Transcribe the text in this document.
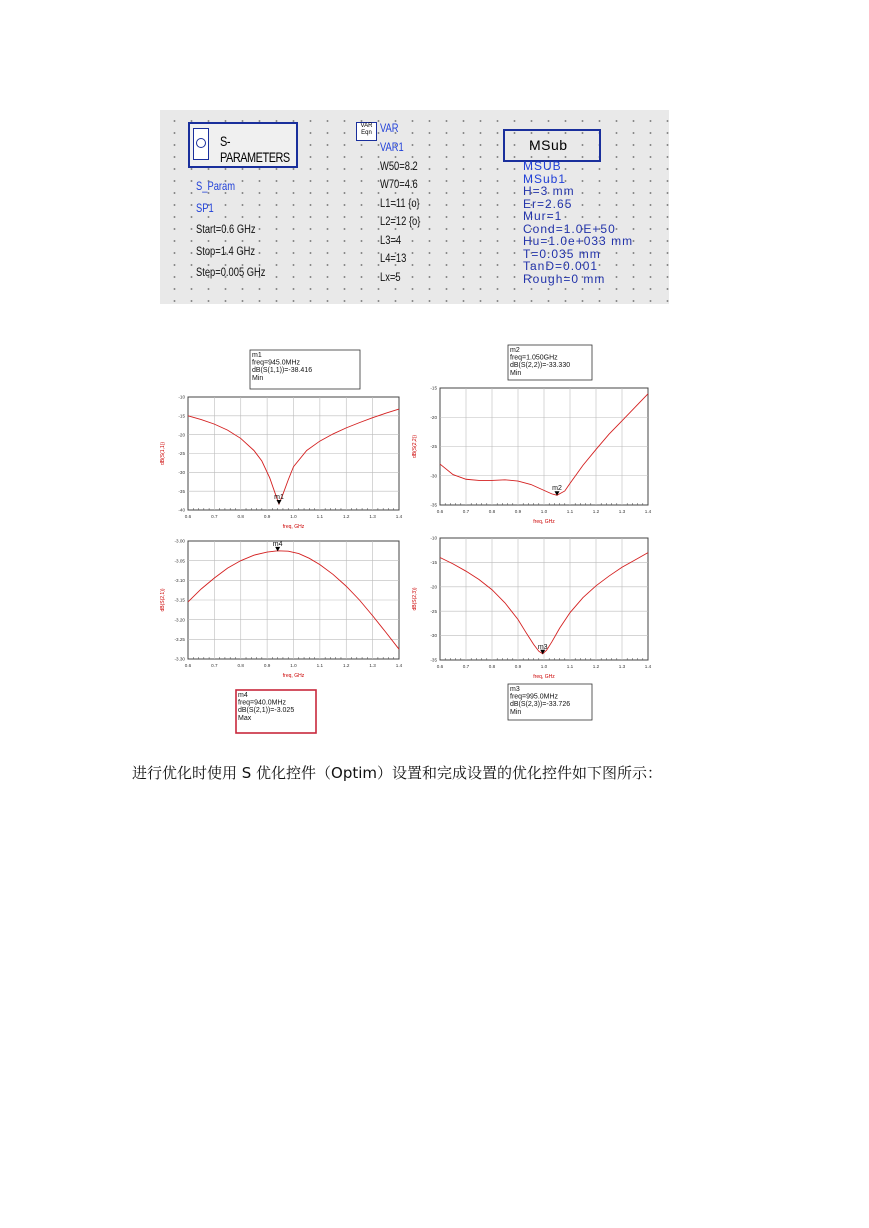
S-PARAMETERS
S_Param
SP1
Start=0.6 GHz
Stop=1.4 GHz
Step=0.005 GHz
VAR Eqn VAR
VAR1
W50=8.2
W70=4.6
L1=11 {o}
L2=12 {o}
L3=4
L4=13
Lx=5
MSub
MSUB
MSub1
H=3 mm
Er=2.65
Mur=1
Cond=1.0E+50
Hu=1.0e+033 mm
T=0.035 mm
TanD=0.001
Rough=0 mm
0.6	0.7	0.8	0.9	1.0	1.1	1.2	1.3	1.4
-10
-15
-20
-25
-30
-35
-40
freq, GHz
dB(S(1,1))
m1
m1
freq=945.0MHz
dB(S(1,1))=-38.416
Min
0.6	0.7	0.8	0.9	1.0	1.1	1.2	1.3	1.4
-15
-20
-25
-30
-35
freq, GHz
dB(S(2,2))
m2
m2
freq=1.050GHz
dB(S(2,2))=-33.330
Min
0.6	0.7	0.8	0.9	1.0	1.1	1.2	1.3	1.4
-3.00
-3.05
-3.10
-3.15
-3.20
-3.25
-3.30
freq, GHz
dB(S(2,1))
m4
m4
freq=940.0MHz
dB(S(2,1))=-3.025
Max
0.6	0.7	0.8	0.9	1.0	1.1	1.2	1.3	1.4
-10
-15
-20
-25
-30
-35
freq, GHz
dB(S(2,3))
m3
m3
freq=995.0MHz
dB(S(2,3))=-33.726
Min
进行优化时使用 S 优化控件（Optim）设置和完成设置的优化控件如下图所示：
